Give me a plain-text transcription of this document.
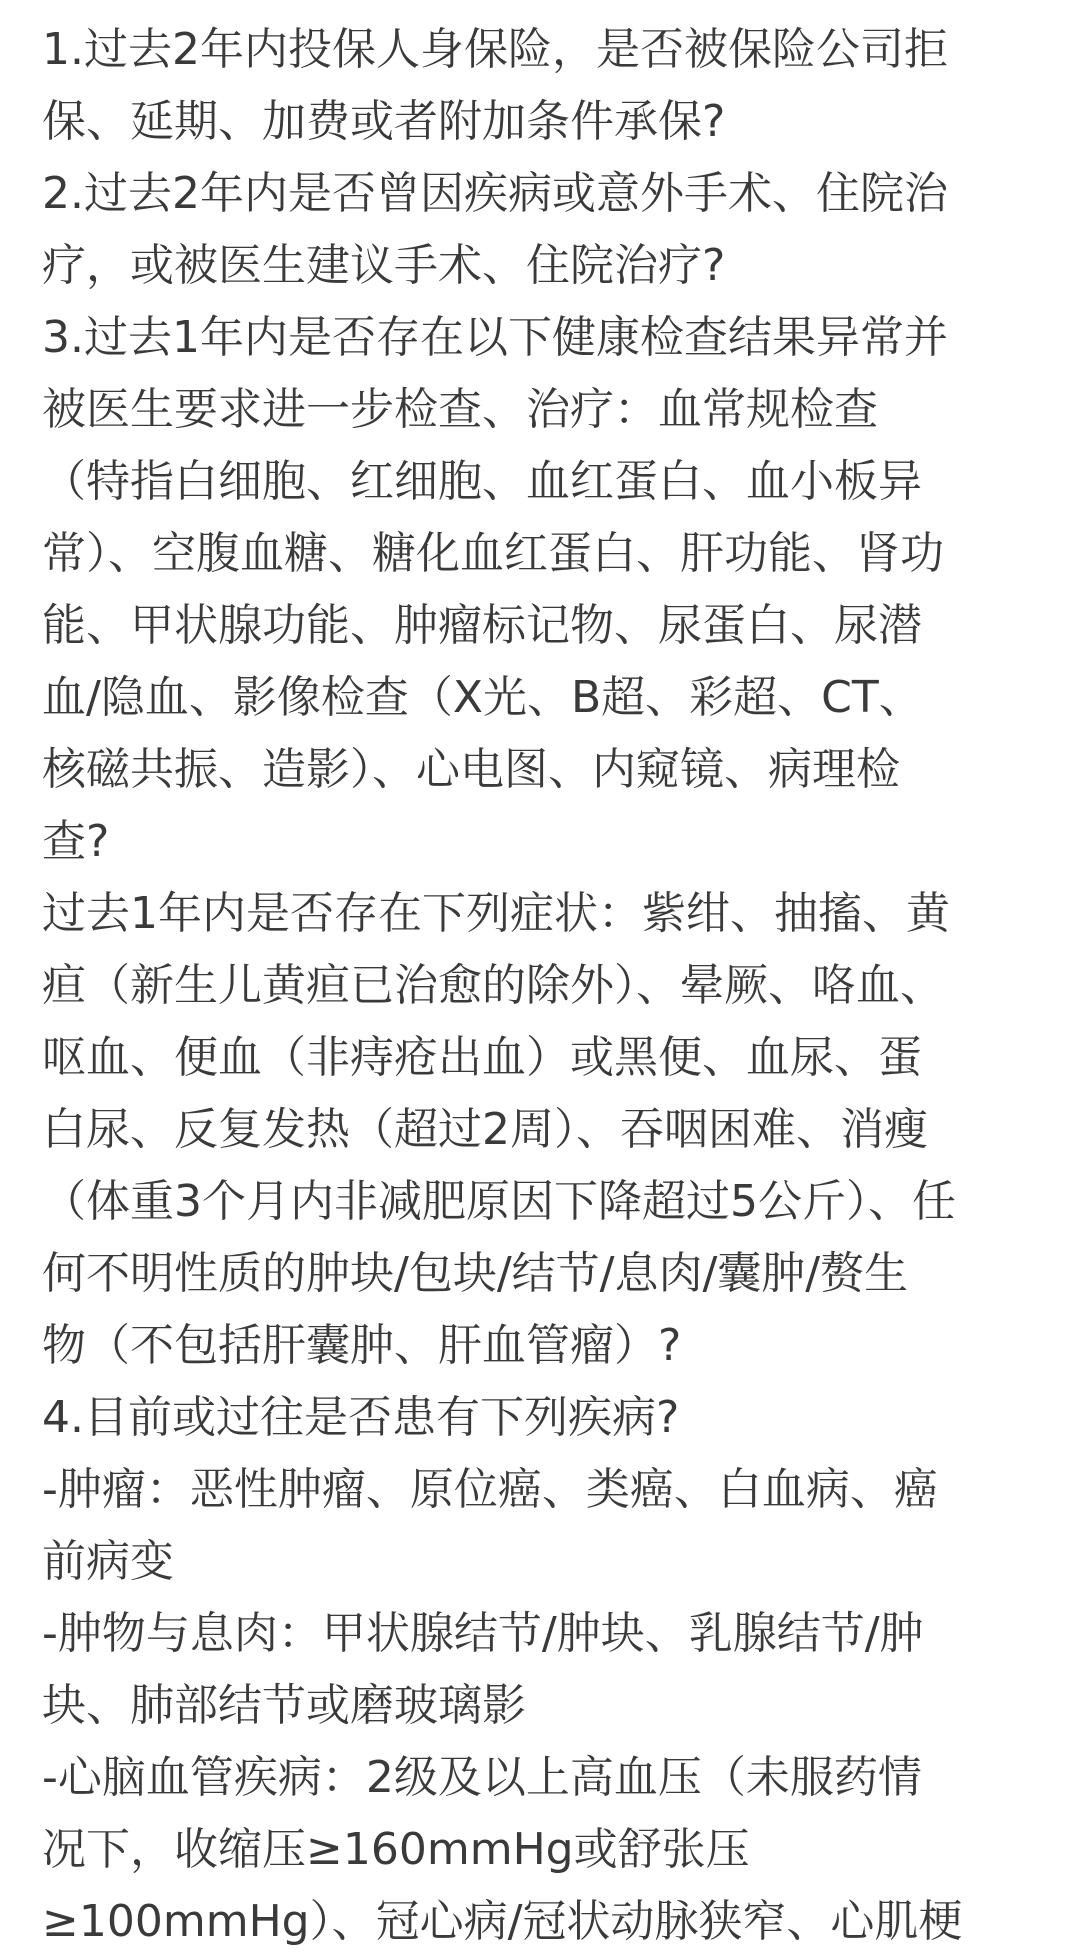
1.过去2年内投保人身保险，是否被保险公司拒
保、延期、加费或者附加条件承保?
2.过去2年内是否曾因疾病或意外手术、住院治
疗，或被医生建议手术、住院治疗?
3.过去1年内是否存在以下健康检查结果异常并
被医生要求进一步检查、治疗：血常规检查
（特指白细胞、红细胞、血红蛋白、血小板异
常）、空腹血糖、糖化血红蛋白、肝功能、肾功
能、甲状腺功能、肿瘤标记物、尿蛋白、尿潜
血/隐血、影像检查（X光、B超、彩超、CT、
核磁共振、造影）、心电图、内窥镜、病理检
查?
过去1年内是否存在下列症状：紫绀、抽搐、黄
疸（新生儿黄疸已治愈的除外）、晕厥、咯血、
呕血、便血（非痔疮出血）或黑便、血尿、蛋
白尿、反复发热（超过2周）、吞咽困难、消瘦
（体重3个月内非减肥原因下降超过5公斤）、任
何不明性质的肿块/包块/结节/息肉/囊肿/赘生
物（不包括肝囊肿、肝血管瘤）?
4.目前或过往是否患有下列疾病?
-肿瘤：恶性肿瘤、原位癌、类癌、白血病、癌
前病变
-肿物与息肉：甲状腺结节/肿块、乳腺结节/肿
块、肺部结节或磨玻璃影
-心脑血管疾病：2级及以上高血压（未服药情
况下，收缩压≥160mmHg或舒张压
≥100mmHg）、冠心病/冠状动脉狭窄、心肌梗
